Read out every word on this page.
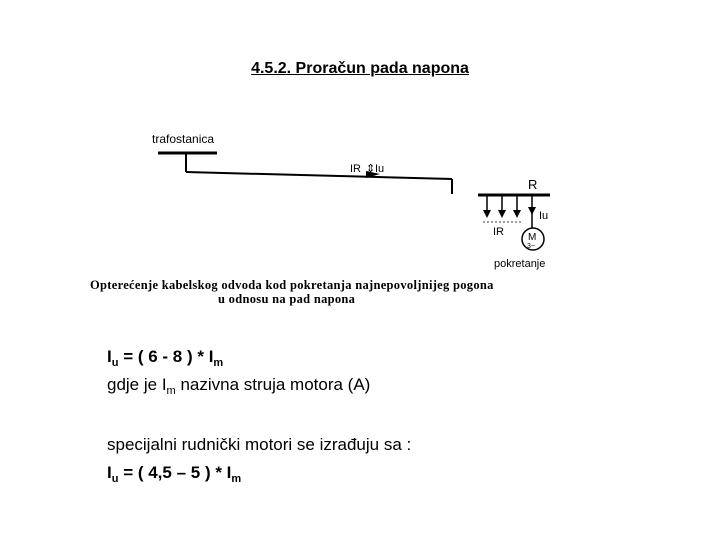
4.5.2. Proračun pada napona
trafostanica
IR ⇕ Iu
R
IR
Iu
M
3~
pokretanje
Opterećenje kabelskog odvoda kod pokretanja najnepovoljnijeg pogona
u odnosu na pad napona
$I_u$ = ( 6 - 8 ) * $I_m$
gdje je $I_m$ nazivna struja motora (A)
specijalni rudnički motori se izrađuju sa :
$I_u$ = ( 4,5 – 5 ) * $I_m$
